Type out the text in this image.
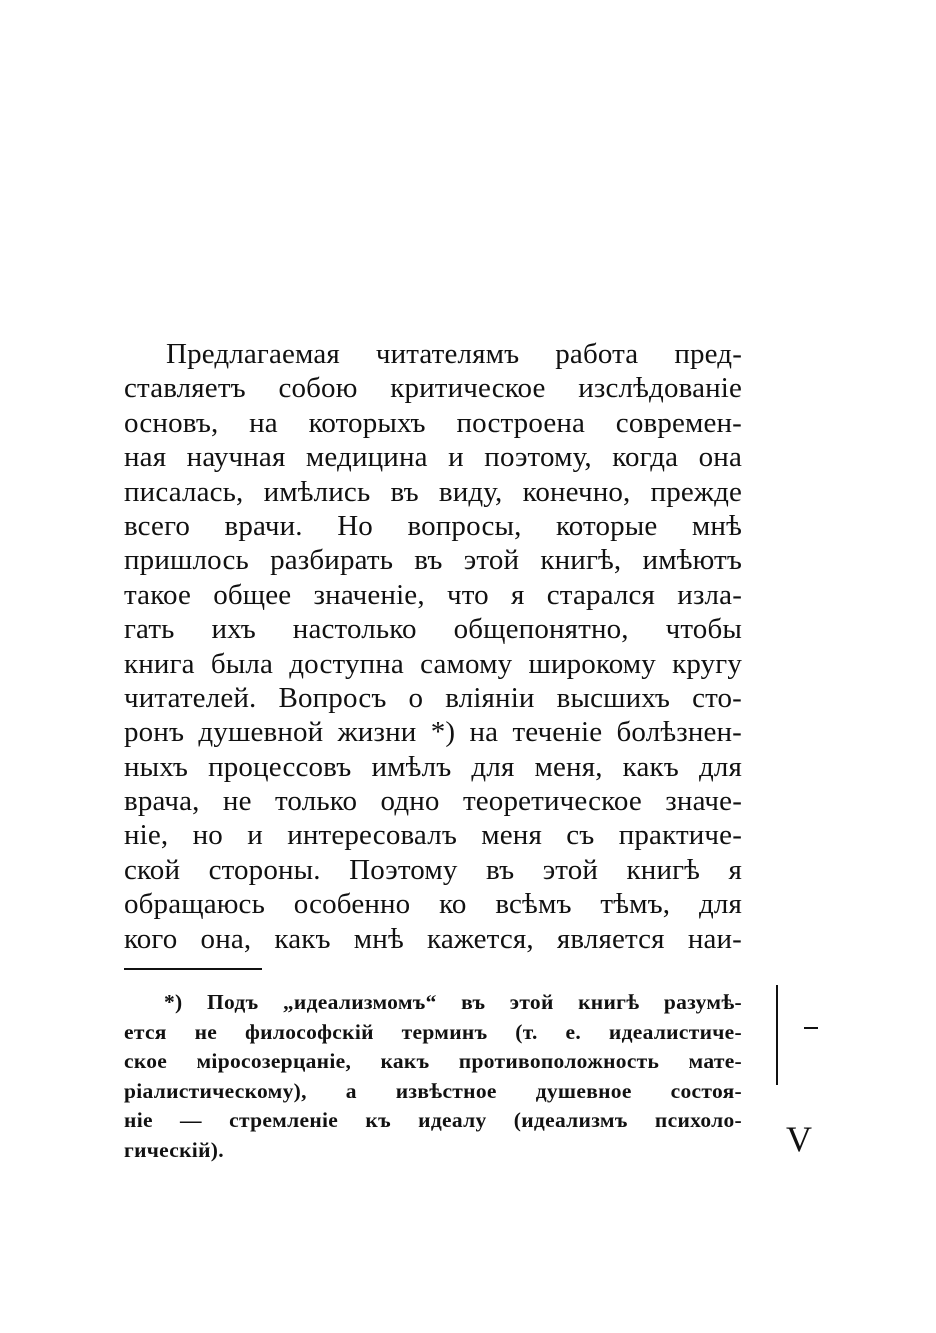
Предлагаемая читателямъ работа пред-
ставляетъ собою критическое изслѣдованіе
основъ, на которыхъ построена современ-
ная научная медицина и поэтому, когда она
писалась, имѣлись въ виду, конечно, прежде
всего врачи. Но вопросы, которые мнѣ
пришлось разбирать въ этой книгѣ, имѣютъ
такое общее значеніе, что я старался изла-
гать ихъ настолько общепонятно, чтобы
книга была доступна самому широкому кругу
читателей. Вопросъ о вліяніи высшихъ сто-
ронъ душевной жизни *) на теченіе болѣзнен-
ныхъ процессовъ имѣлъ для меня, какъ для
врача, не только одно теоретическое значе-
ніе, но и интересовалъ меня съ практиче-
ской стороны. Поэтому въ этой книгѣ я
обращаюсь особенно ко всѣмъ тѣмъ, для
кого она, какъ мнѣ кажется, является наи-
*) Подъ „идеализмомъ“ въ этой книгѣ разумѣ-
ется не философскій терминъ (т. е. идеалистиче-
ское міросозерцаніе, какъ противоположность мате-
ріалистическому), а извѣстное душевное состоя-
ніе — стремленіе къ идеалу (идеализмъ психоло-
гическій).	V
